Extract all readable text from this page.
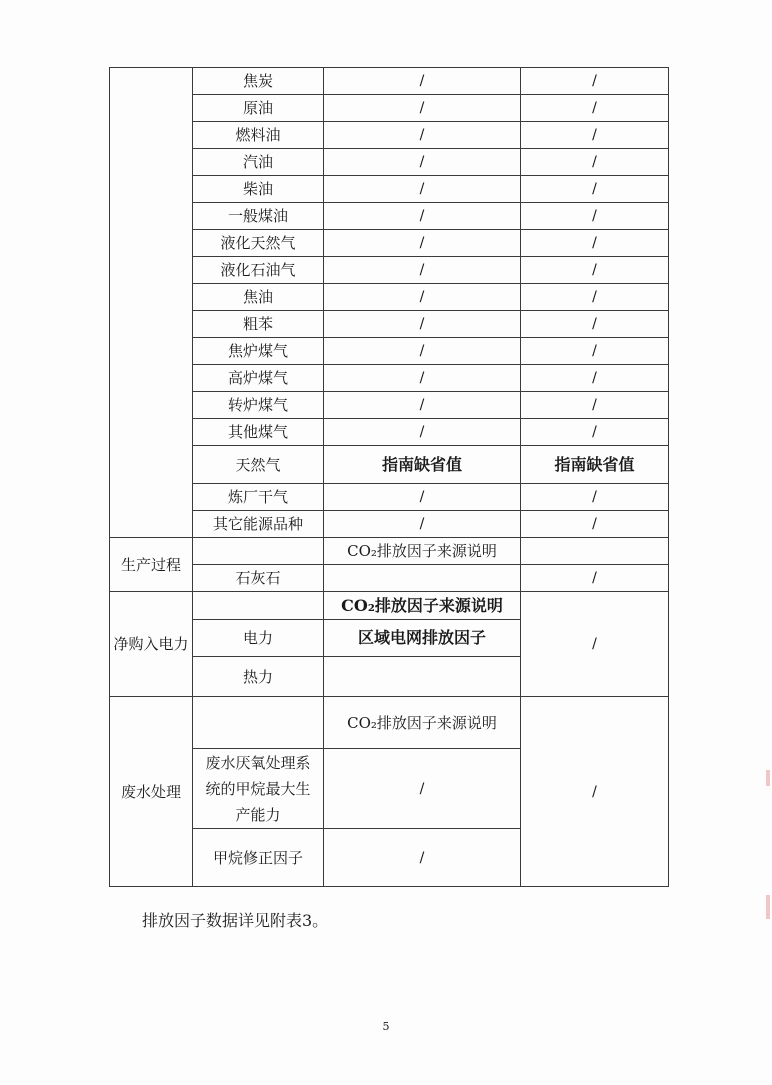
	焦炭	/	/
	原油	/	/
	燃料油	/	/
	汽油	/	/
	柴油	/	/
	一般煤油	/	/
	液化天然气	/	/
	液化石油气	/	/
	焦油	/	/
	粗苯	/	/
	焦炉煤气	/	/
	高炉煤气	/	/
	转炉煤气	/	/
	其他煤气	/	/
	天然气	指南缺省值	指南缺省值
	炼厂干气	/	/
	其它能源品种	/	/
生产过程		CO₂排放因子来源说明	
	石灰石		/
净购入电力		CO₂排放因子来源说明	/
	电力	区域电网排放因子	
	热力		
废水处理		CO₂排放因子来源说明	/
	废水厌氧处理系统的甲烷最大生产能力	/	
	甲烷修正因子	/	
排放因子数据详见附表3。
5
